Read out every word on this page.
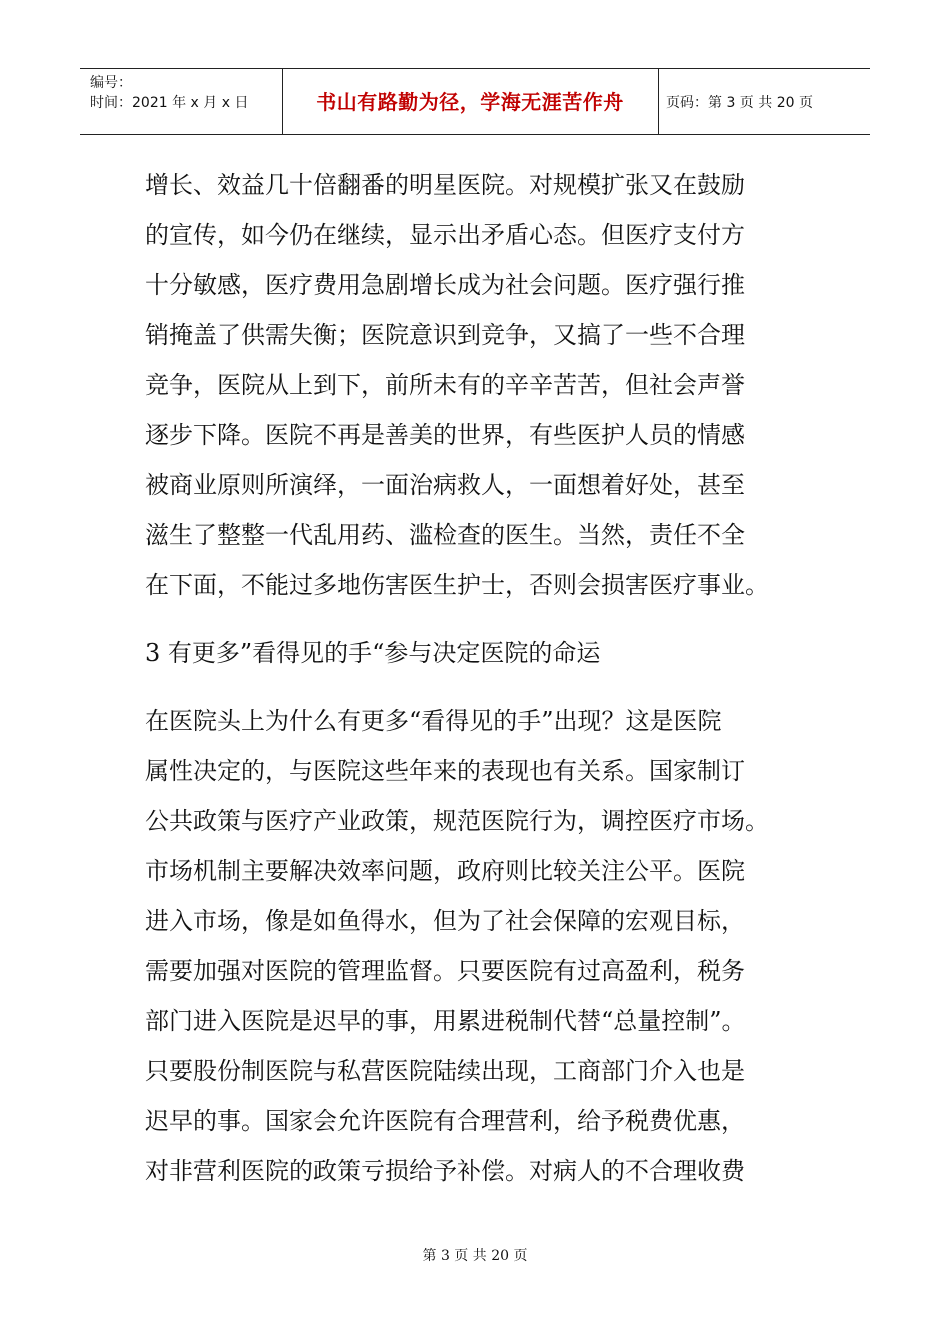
编号：
时间：2021 年 x 月 x 日	书山有路勤为径，学海无涯苦作舟	页码：第 3 页 共 20 页

增长、效益几十倍翻番的明星医院。对规模扩张又在鼓励

的宣传，如今仍在继续，显示出矛盾心态。但医疗支付方

十分敏感，医疗费用急剧增长成为社会问题。医疗强行推

销掩盖了供需失衡；医院意识到竞争，又搞了一些不合理

竞争，医院从上到下，前所未有的辛辛苦苦，但社会声誉

逐步下降。医院不再是善美的世界，有些医护人员的情感

被商业原则所演绎，一面治病救人，一面想着好处，甚至

滋生了整整一代乱用药、滥检查的医生。当然，责任不全

在下面，不能过多地伤害医生护士，否则会损害医疗事业。

3 有更多”看得见的手“参与决定医院的命运

在医院头上为什么有更多“看得见的手”出现？这是医院

属性决定的，与医院这些年来的表现也有关系。国家制订

公共政策与医疗产业政策，规范医院行为，调控医疗市场。

市场机制主要解决效率问题，政府则比较关注公平。医院

进入市场，像是如鱼得水，但为了社会保障的宏观目标，

需要加强对医院的管理监督。只要医院有过高盈利，税务

部门进入医院是迟早的事，用累进税制代替“总量控制”。

只要股份制医院与私营医院陆续出现，工商部门介入也是

迟早的事。国家会允许医院有合理营利，给予税费优惠，

对非营利医院的政策亏损给予补偿。对病人的不合理收费

第 3 页 共 20 页
